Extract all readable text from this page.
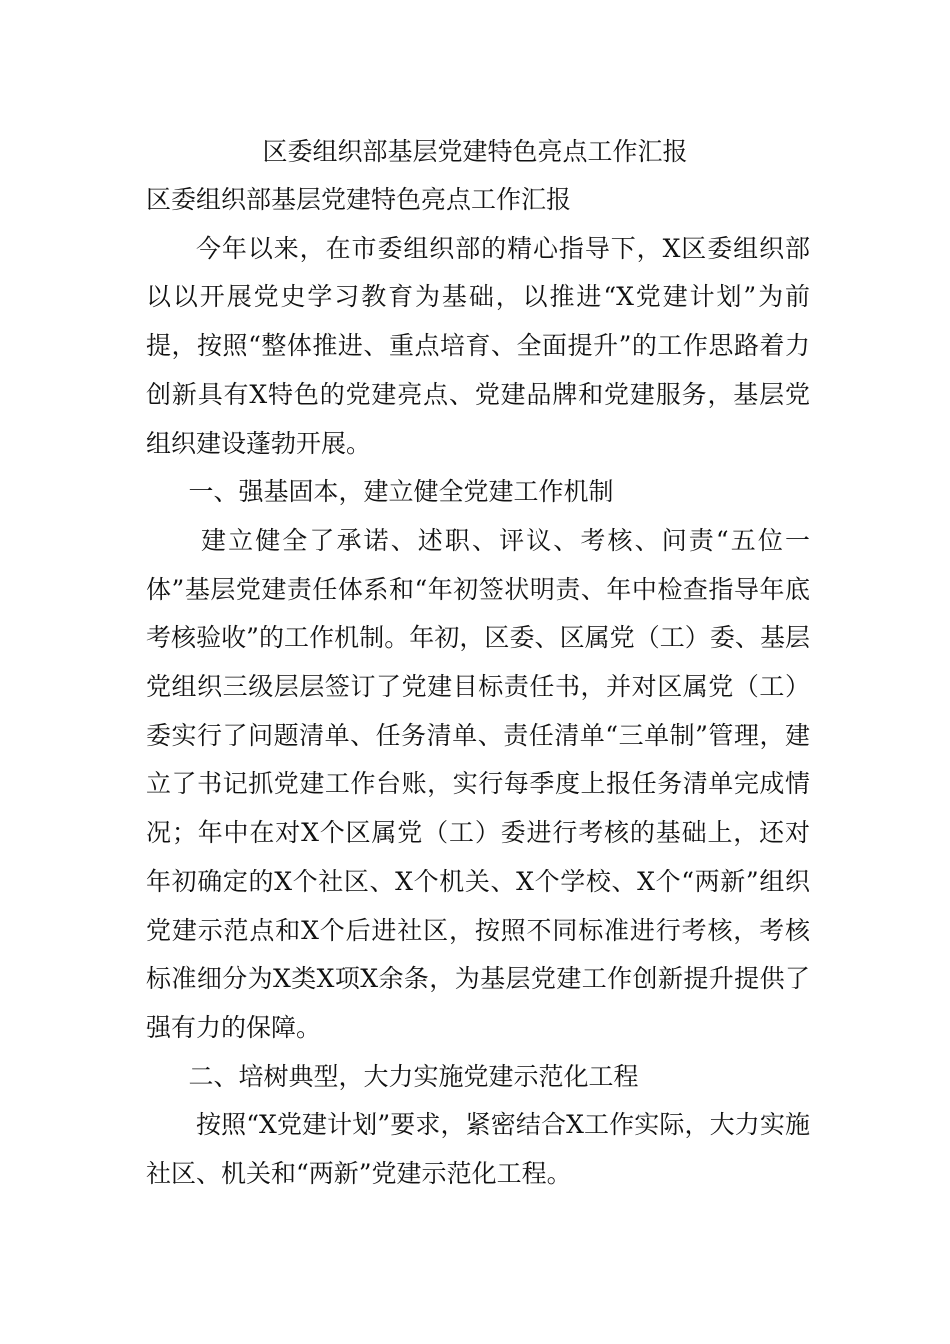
区委组织部基层党建特色亮点工作汇报

区委组织部基层党建特色亮点工作汇报

今年以来，在市委组织部的精心指导下，X区委组织部以以开展党史学习教育为基础，以推进“X党建计划”为前提，按照“整体推进、重点培育、全面提升”的工作思路着力创新具有X特色的党建亮点、党建品牌和党建服务，基层党组织建设蓬勃开展。

一、强基固本，建立健全党建工作机制

建立健全了承诺、述职、评议、考核、问责“五位一体”基层党建责任体系和“年初签状明责、年中检查指导年底考核验收”的工作机制。年初，区委、区属党（工）委、基层党组织三级层层签订了党建目标责任书，并对区属党（工）委实行了问题清单、任务清单、责任清单“三单制”管理，建立了书记抓党建工作台账，实行每季度上报任务清单完成情况；年中在对X个区属党（工）委进行考核的基础上，还对年初确定的X个社区、X个机关、X个学校、X个“两新”组织党建示范点和X个后进社区，按照不同标准进行考核，考核标准细分为X类X项X余条，为基层党建工作创新提升提供了强有力的保障。

二、培树典型，大力实施党建示范化工程

按照“X党建计划”要求，紧密结合X工作实际，大力实施社区、机关和“两新”党建示范化工程。
